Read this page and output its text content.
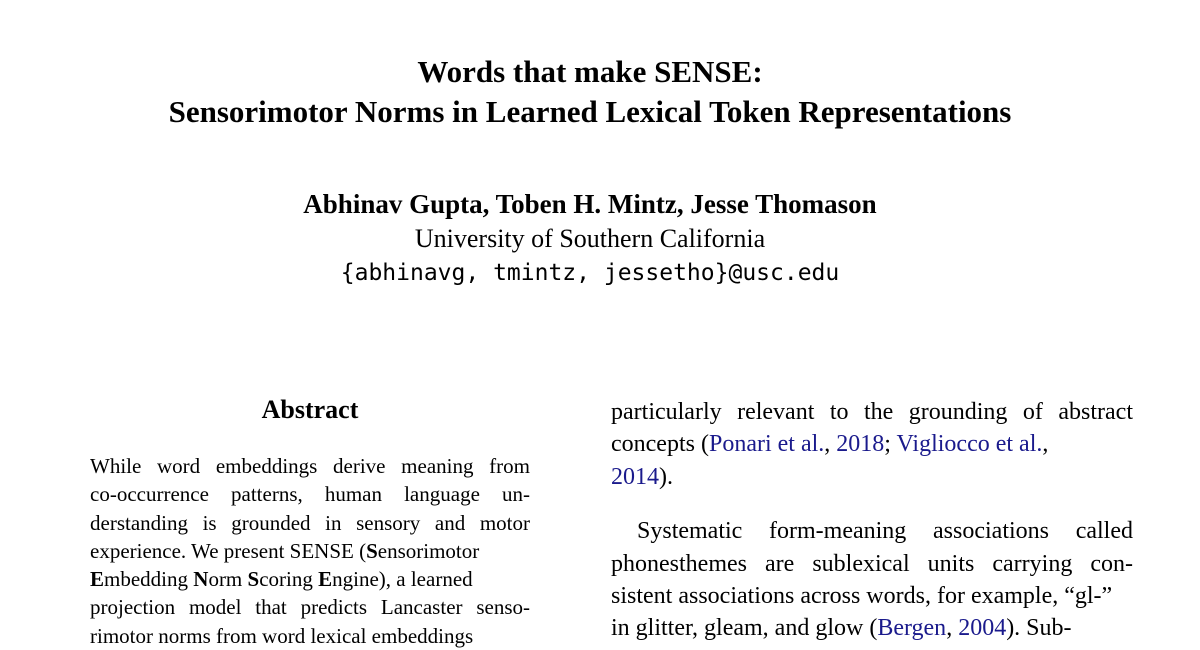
Words that make SENSE:
Sensorimotor Norms in Learned Lexical Token Representations
Abhinav Gupta, Toben H. Mintz, Jesse Thomason
University of Southern California
{abhinavg, tmintz, jessetho}@usc.edu
Abstract
While word embeddings derive meaning from
co-occurrence patterns, human language un-
derstanding is grounded in sensory and motor
experience. We present SENSE (Sensorimotor
Embedding Norm Scoring Engine), a learned
projection model that predicts Lancaster senso-
rimotor norms from word lexical embeddings
particularly relevant to the grounding of abstract
concepts (Ponari et al., 2018; Vigliocco et al.,
2014).
Systematic form-meaning associations called
phonesthemes are sublexical units carrying con-
sistent associations across words, for example, “gl-”
in glitter, gleam, and glow (Bergen, 2004). Sub-
